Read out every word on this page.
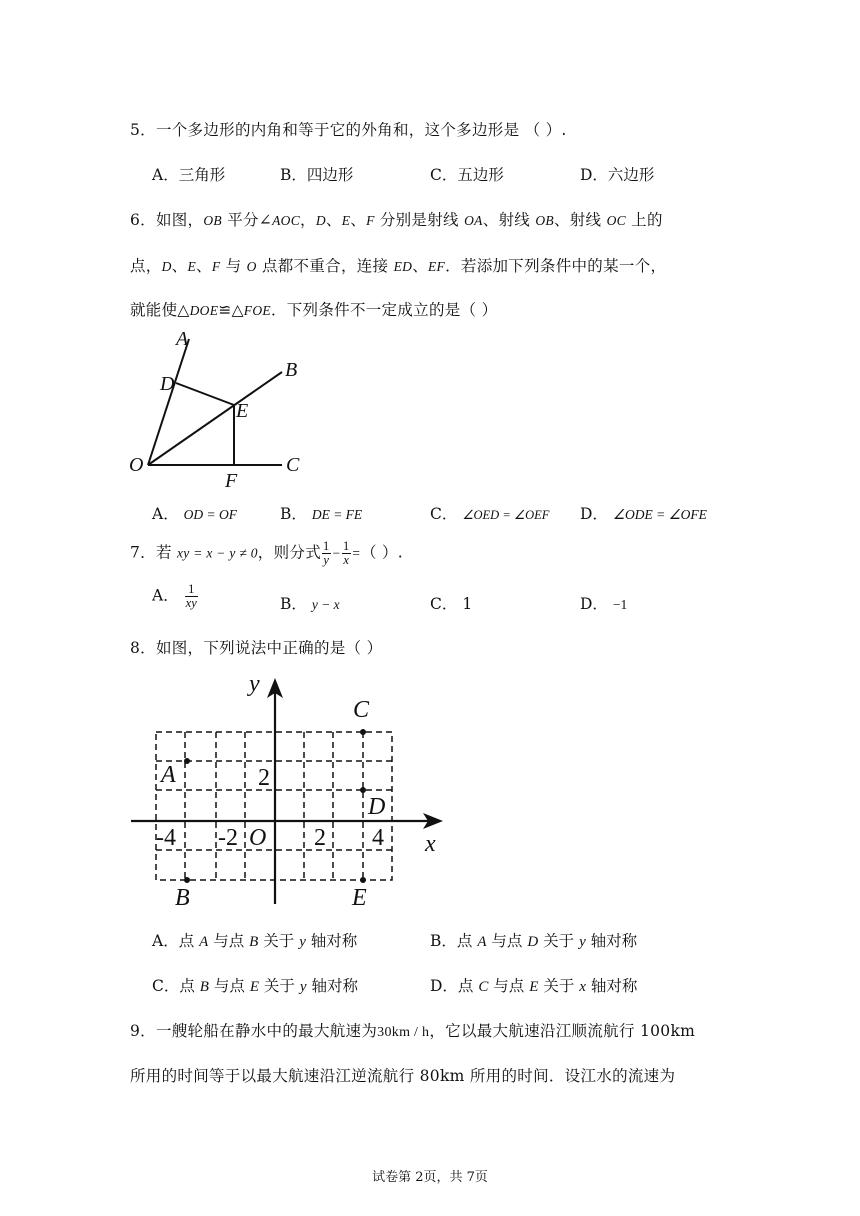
5．一个多边形的内角和等于它的外角和，这个多边形是 （ ）.
A．三角形	B．四边形	C．五边形	D．六边形
6．如图，OB 平分∠AOC，D、E、F 分别是射线 OA、射线 OB、射线 OC 上的
点，D、E、F 与 O 点都不重合，连接 ED、EF．若添加下列条件中的某一个，
就能使△DOE≌△FOE．下列条件不一定成立的是（ ）
A
B
C
D
E
F
O
A． OD = OF	B． DE = FE	C． ∠OED = ∠OEF D． ∠ODE = ∠OFE
7．若 xy = x − y ≠ 0，则分式 $\frac{1}{y} - \frac{1}{x}$ =（ ）.
A． $\frac{1}{xy}$	B． y − x	C． 1	D． −1
8．如图，下列说法中正确的是（ ）
y
x
A
B
C
D
E
O
-4 -2	2 4
2
A．点 A 与点 B 关于 y 轴对称	B．点 A 与点 D 关于 y 轴对称
C．点 B 与点 E 关于 y 轴对称	D．点 C 与点 E 关于 x 轴对称
9．一艘轮船在静水中的最大航速为30km / h，它以最大航速沿江顺流航行 100km
所用的时间等于以最大航速沿江逆流航行 80km 所用的时间．设江水的流速为
试卷第 2页，共 7页
